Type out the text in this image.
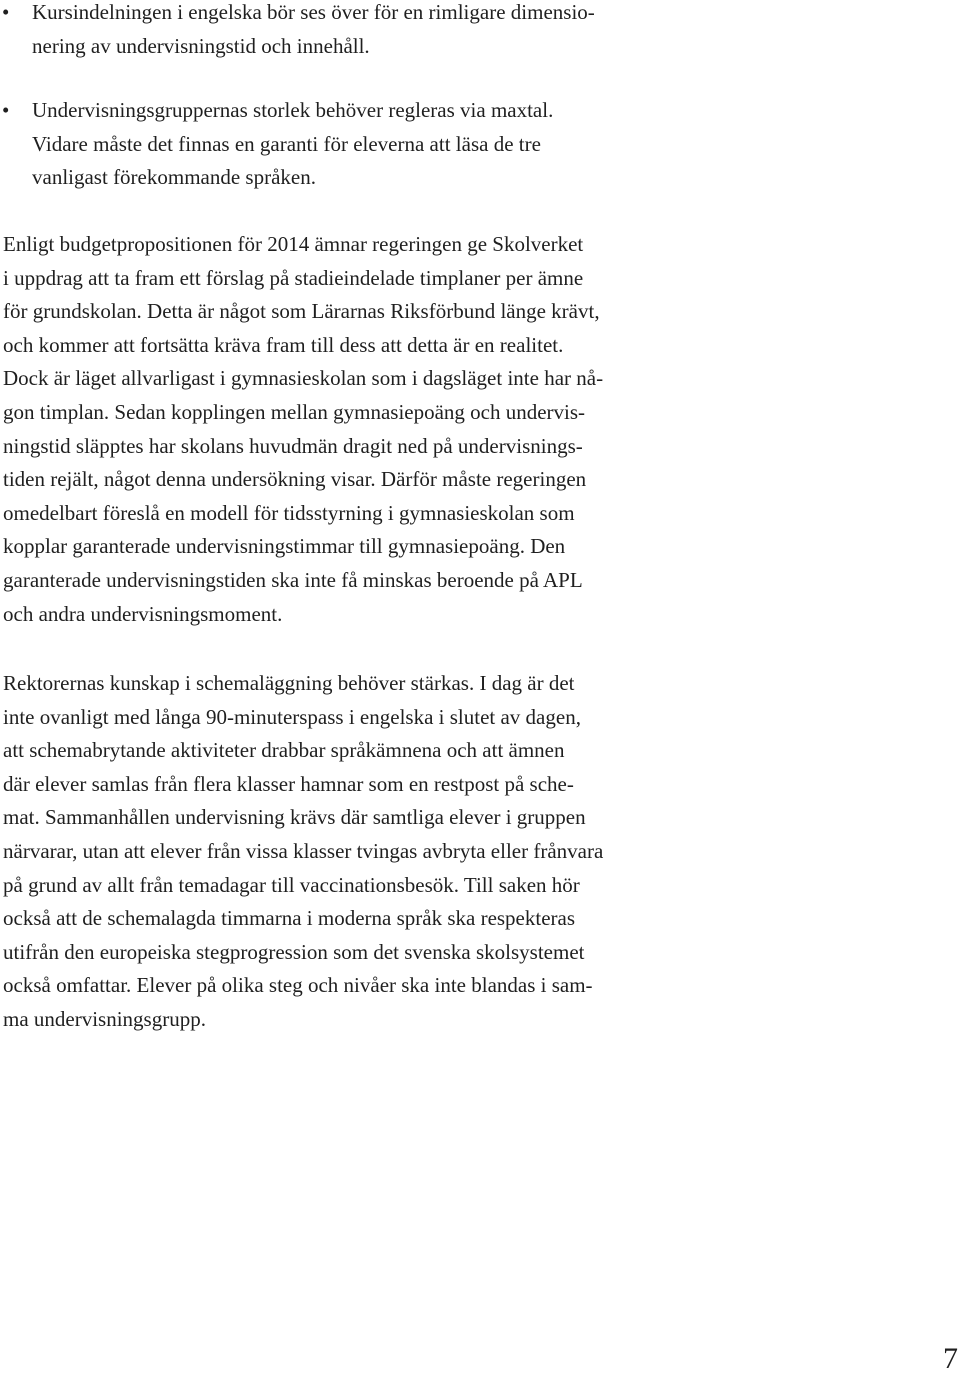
• Kursindelningen i engelska bör ses över för en rimligare dimensio-
nering av undervisningstid och innehåll.
• Undervisningsgruppernas storlek behöver regleras via maxtal.
Vidare måste det finnas en garanti för eleverna att läsa de tre
vanligast förekommande språken.

Enligt budgetpropositionen för 2014 ämnar regeringen ge Skolverket
i uppdrag att ta fram ett förslag på stadieindelade timplaner per ämne
för grundskolan. Detta är något som Lärarnas Riksförbund länge krävt,
och kommer att fortsätta kräva fram till dess att detta är en realitet.
Dock är läget allvarligast i gymnasieskolan som i dagsläget inte har nå-
gon timplan. Sedan kopplingen mellan gymnasiepoäng och undervis-
ningstid släpptes har skolans huvudmän dragit ned på undervisnings-
tiden rejält, något denna undersökning visar. Därför måste regeringen
omedelbart föreslå en modell för tidsstyrning i gymnasieskolan som
kopplar garanterade undervisningstimmar till gymnasiepoäng. Den
garanterade undervisningstiden ska inte få minskas beroende på APL
och andra undervisningsmoment.

Rektorernas kunskap i schemaläggning behöver stärkas. I dag är det
inte ovanligt med långa 90-minuterspass i engelska i slutet av dagen,
att schemabrytande aktiviteter drabbar språkämnena och att ämnen
där elever samlas från flera klasser hamnar som en restpost på sche-
mat. Sammanhållen undervisning krävs där samtliga elever i gruppen
närvarar, utan att elever från vissa klasser tvingas avbryta eller frånvara
på grund av allt från temadagar till vaccinationsbesök. Till saken hör
också att de schemalagda timmarna i moderna språk ska respekteras
utifrån den europeiska stegprogression som det svenska skolsystemet
också omfattar. Elever på olika steg och nivåer ska inte blandas i sam-
ma undervisningsgrupp.

7
